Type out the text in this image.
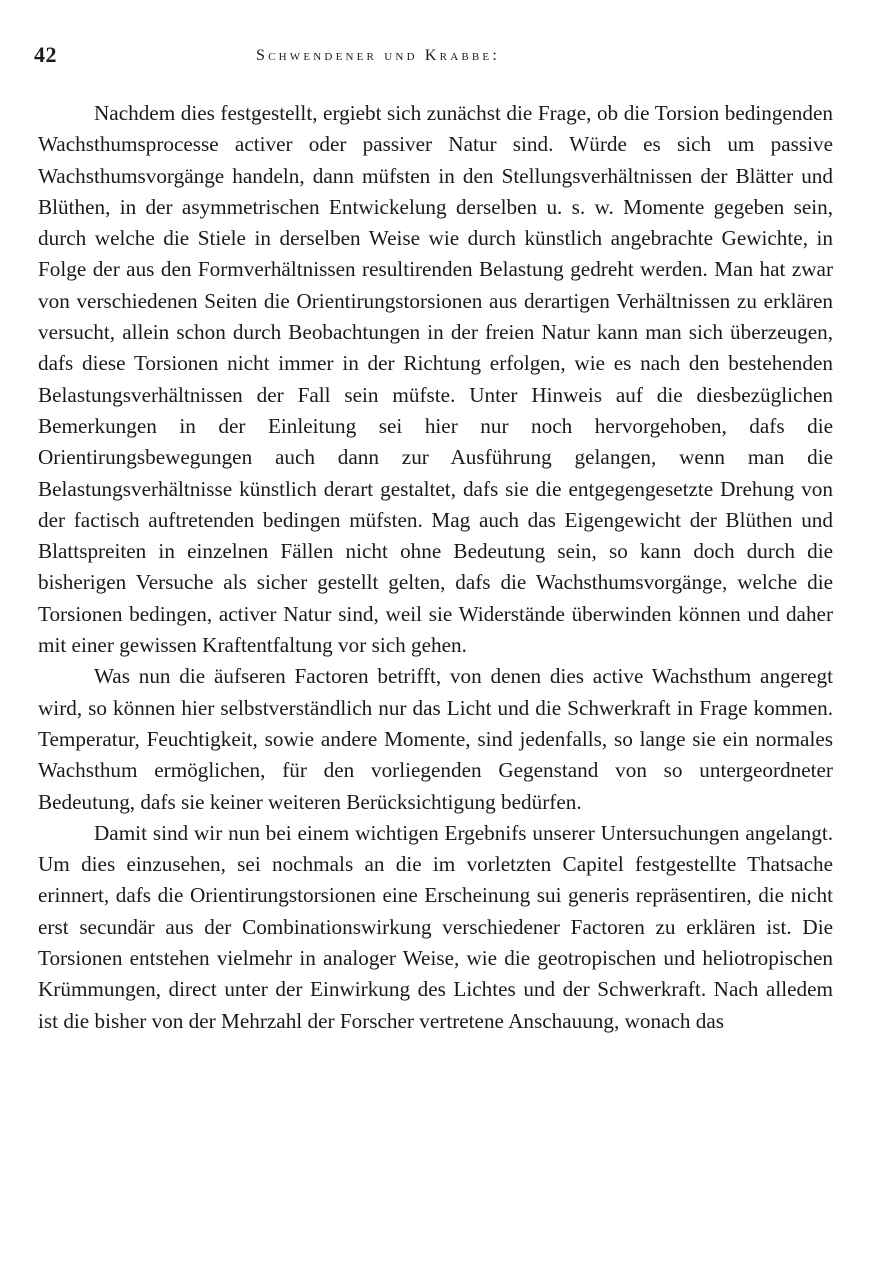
42	Schwendener und Krabbe:

Nachdem dies festgestellt, ergiebt sich zunächst die Frage, ob die Torsion bedingenden Wachsthumsprocesse activer oder passiver Natur sind. Würde es sich um passive Wachsthumsvorgänge handeln, dann müfsten in den Stellungsverhältnissen der Blätter und Blüthen, in der asymmetrischen Entwickelung derselben u. s. w. Momente gegeben sein, durch welche die Stiele in derselben Weise wie durch künstlich angebrachte Gewichte, in Folge der aus den Formverhältnissen resultirenden Belastung gedreht werden. Man hat zwar von verschiedenen Seiten die Orientirungstorsionen aus derartigen Verhältnissen zu erklären versucht, allein schon durch Beobachtungen in der freien Natur kann man sich überzeugen, dafs diese Torsionen nicht immer in der Richtung erfolgen, wie es nach den bestehenden Belastungsverhältnissen der Fall sein müfste. Unter Hinweis auf die diesbezüglichen Bemerkungen in der Einleitung sei hier nur noch hervorgehoben, dafs die Orientirungsbewegungen auch dann zur Ausführung gelangen, wenn man die Belastungsverhältnisse künstlich derart gestaltet, dafs sie die entgegengesetzte Drehung von der factisch auftretenden bedingen müfsten. Mag auch das Eigengewicht der Blüthen und Blattspreiten in einzelnen Fällen nicht ohne Bedeutung sein, so kann doch durch die bisherigen Versuche als sicher gestellt gelten, dafs die Wachsthumsvorgänge, welche die Torsionen bedingen, activer Natur sind, weil sie Widerstände überwinden können und daher mit einer gewissen Kraftentfaltung vor sich gehen.

Was nun die äufseren Factoren betrifft, von denen dies active Wachsthum angeregt wird, so können hier selbstverständlich nur das Licht und die Schwerkraft in Frage kommen. Temperatur, Feuchtigkeit, sowie andere Momente, sind jedenfalls, so lange sie ein normales Wachsthum ermöglichen, für den vorliegenden Gegenstand von so untergeordneter Bedeutung, dafs sie keiner weiteren Berücksichtigung bedürfen.

Damit sind wir nun bei einem wichtigen Ergebnifs unserer Untersuchungen angelangt. Um dies einzusehen, sei nochmals an die im vorletzten Capitel festgestellte Thatsache erinnert, dafs die Orientirungstorsionen eine Erscheinung sui generis repräsentiren, die nicht erst secundär aus der Combinationswirkung verschiedener Factoren zu erklären ist. Die Torsionen entstehen vielmehr in analoger Weise, wie die geotropischen und heliotropischen Krümmungen, direct unter der Einwirkung des Lichtes und der Schwerkraft. Nach alledem ist die bisher von der Mehrzahl der Forscher vertretene Anschauung, wonach das
